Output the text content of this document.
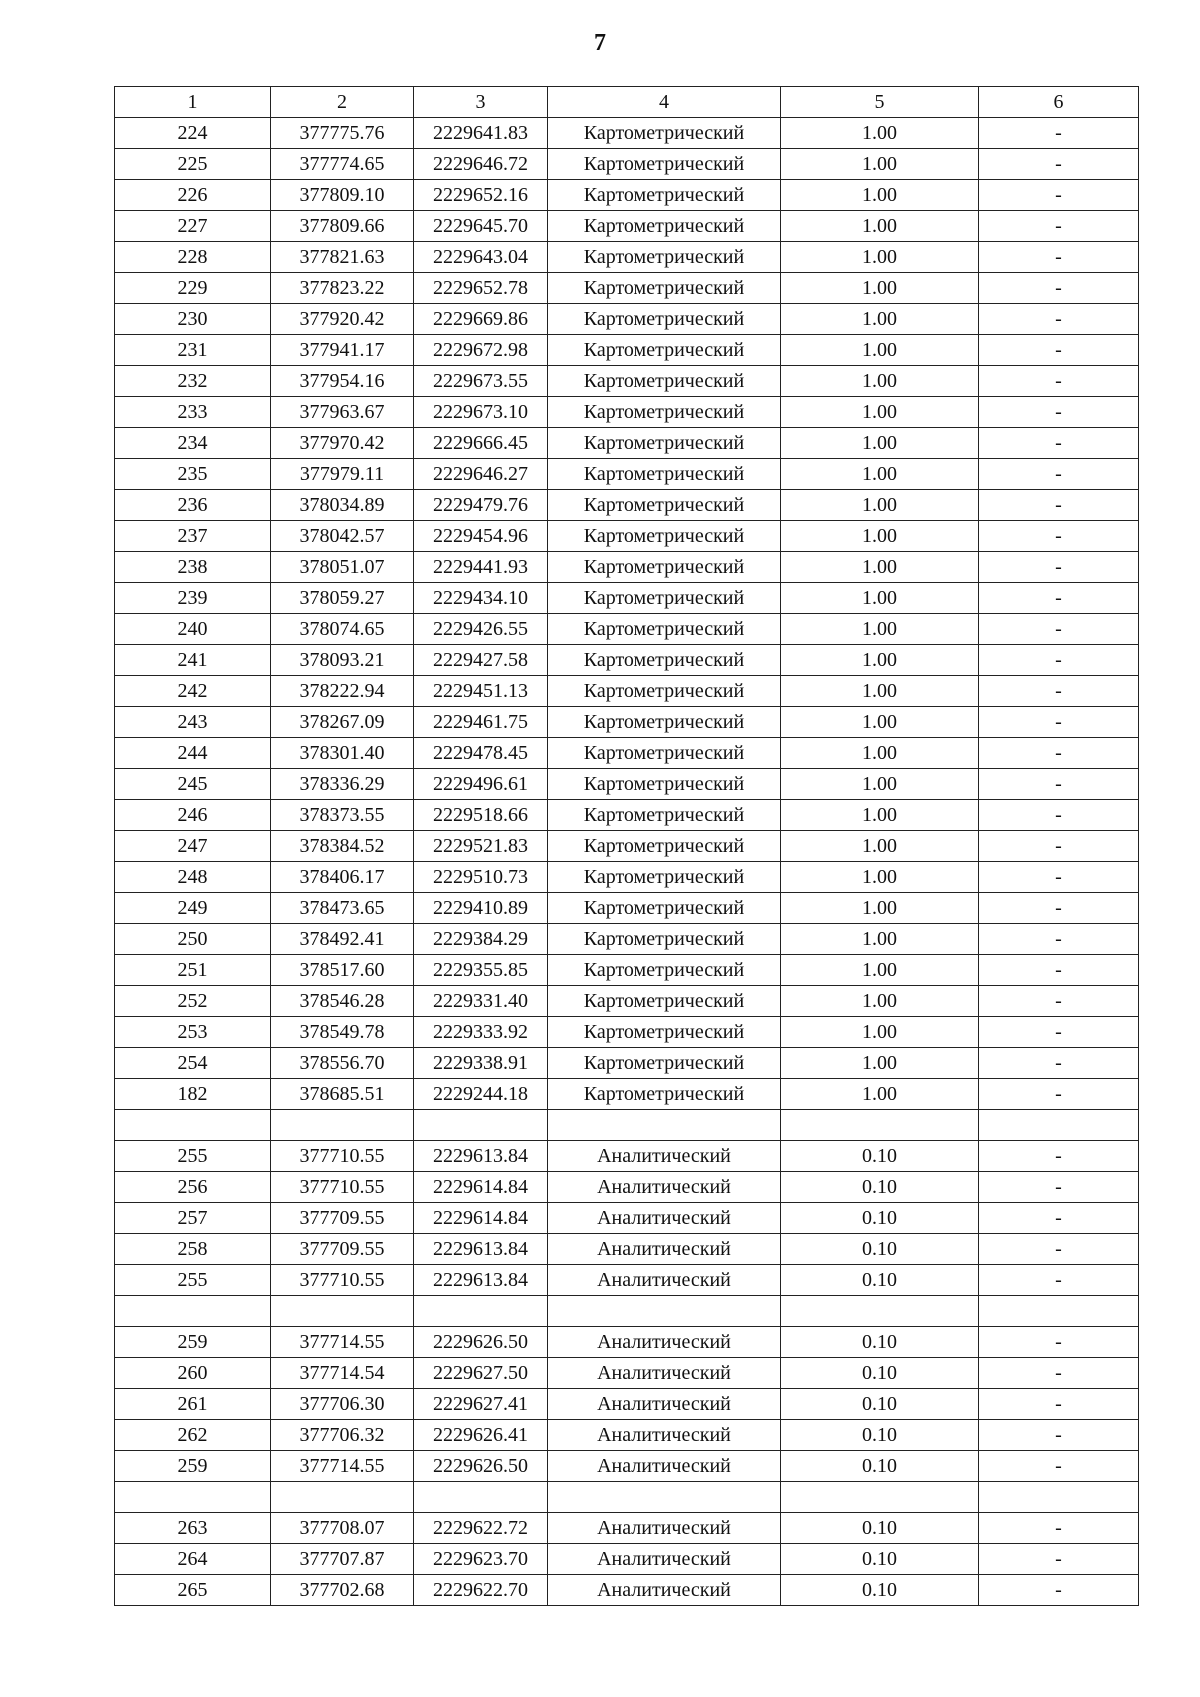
7
1	2	3	4	5	6
224	377775.76	2229641.83	Картометрический	1.00	-
225	377774.65	2229646.72	Картометрический	1.00	-
226	377809.10	2229652.16	Картометрический	1.00	-
227	377809.66	2229645.70	Картометрический	1.00	-
228	377821.63	2229643.04	Картометрический	1.00	-
229	377823.22	2229652.78	Картометрический	1.00	-
230	377920.42	2229669.86	Картометрический	1.00	-
231	377941.17	2229672.98	Картометрический	1.00	-
232	377954.16	2229673.55	Картометрический	1.00	-
233	377963.67	2229673.10	Картометрический	1.00	-
234	377970.42	2229666.45	Картометрический	1.00	-
235	377979.11	2229646.27	Картометрический	1.00	-
236	378034.89	2229479.76	Картометрический	1.00	-
237	378042.57	2229454.96	Картометрический	1.00	-
238	378051.07	2229441.93	Картометрический	1.00	-
239	378059.27	2229434.10	Картометрический	1.00	-
240	378074.65	2229426.55	Картометрический	1.00	-
241	378093.21	2229427.58	Картометрический	1.00	-
242	378222.94	2229451.13	Картометрический	1.00	-
243	378267.09	2229461.75	Картометрический	1.00	-
244	378301.40	2229478.45	Картометрический	1.00	-
245	378336.29	2229496.61	Картометрический	1.00	-
246	378373.55	2229518.66	Картометрический	1.00	-
247	378384.52	2229521.83	Картометрический	1.00	-
248	378406.17	2229510.73	Картометрический	1.00	-
249	378473.65	2229410.89	Картометрический	1.00	-
250	378492.41	2229384.29	Картометрический	1.00	-
251	378517.60	2229355.85	Картометрический	1.00	-
252	378546.28	2229331.40	Картометрический	1.00	-
253	378549.78	2229333.92	Картометрический	1.00	-
254	378556.70	2229338.91	Картометрический	1.00	-
182	378685.51	2229244.18	Картометрический	1.00	-

255	377710.55	2229613.84	Аналитический	0.10	-
256	377710.55	2229614.84	Аналитический	0.10	-
257	377709.55	2229614.84	Аналитический	0.10	-
258	377709.55	2229613.84	Аналитический	0.10	-
255	377710.55	2229613.84	Аналитический	0.10	-

259	377714.55	2229626.50	Аналитический	0.10	-
260	377714.54	2229627.50	Аналитический	0.10	-
261	377706.30	2229627.41	Аналитический	0.10	-
262	377706.32	2229626.41	Аналитический	0.10	-
259	377714.55	2229626.50	Аналитический	0.10	-

263	377708.07	2229622.72	Аналитический	0.10	-
264	377707.87	2229623.70	Аналитический	0.10	-
265	377702.68	2229622.70	Аналитический	0.10	-
